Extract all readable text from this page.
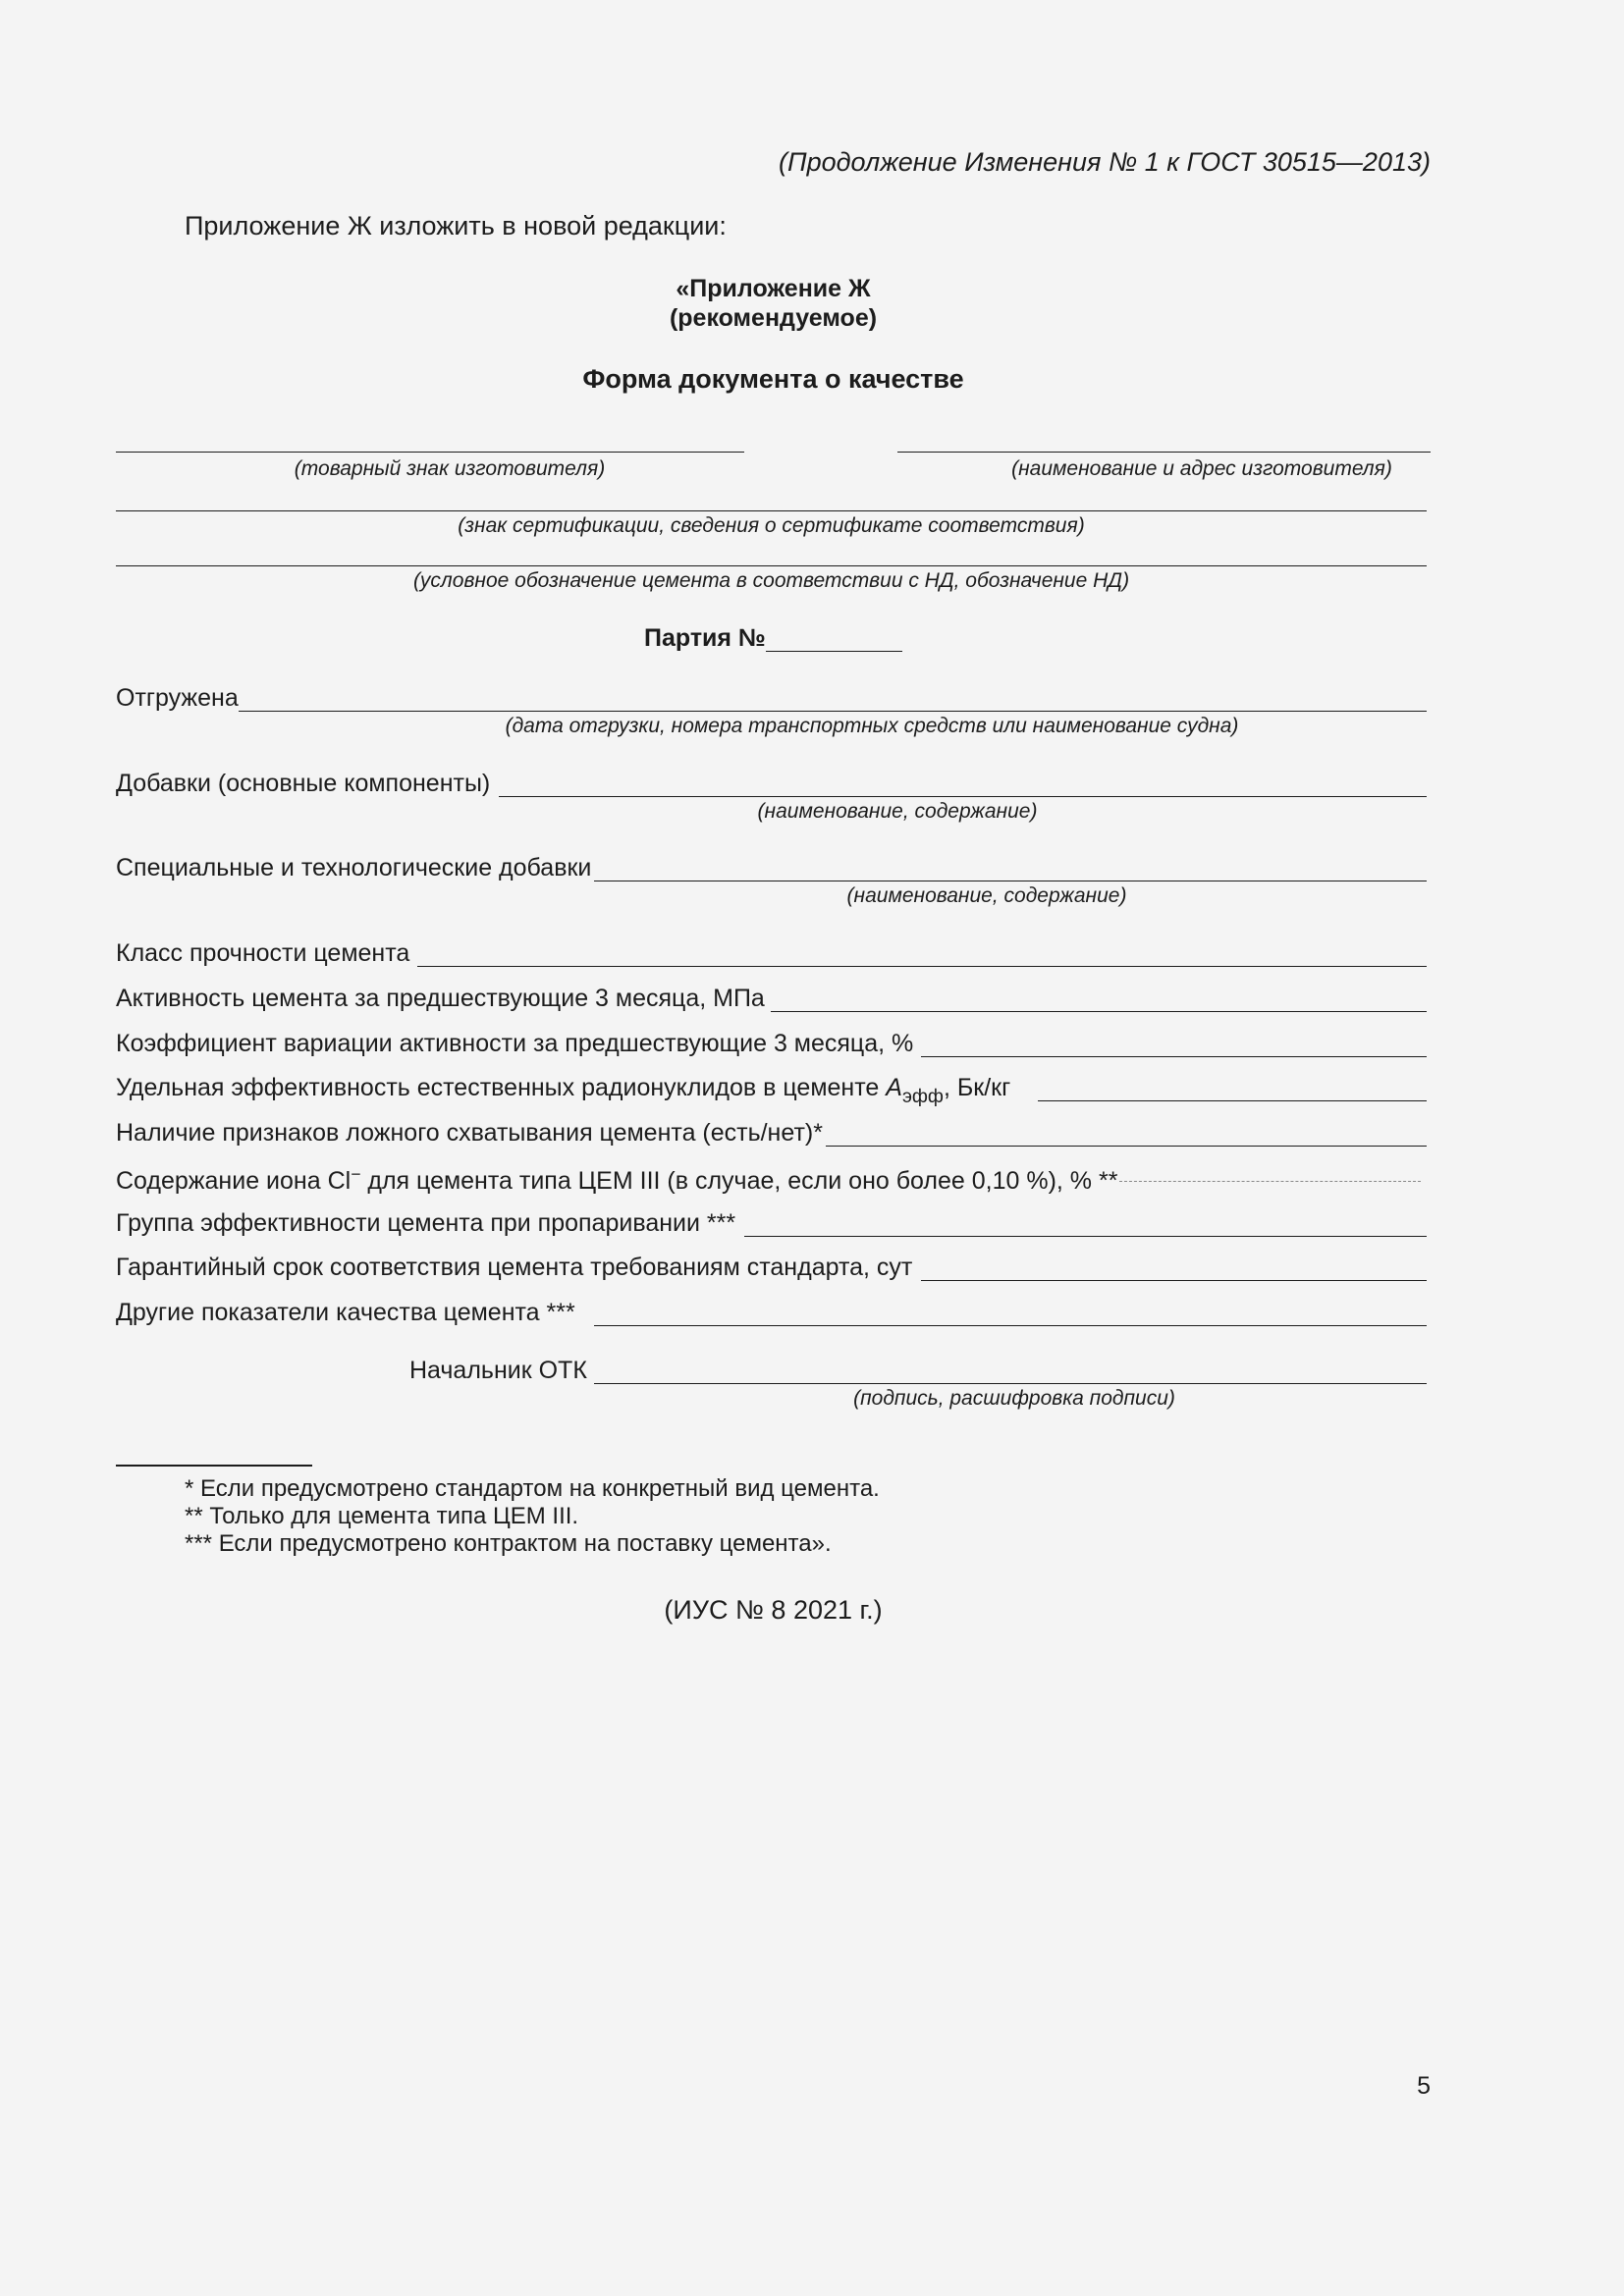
(Продолжение Изменения № 1 к ГОСТ 30515—2013)
Приложение Ж изложить в новой редакции:
«Приложение Ж
(рекомендуемое)
Форма документа о качестве
(товарный знак изготовителя)	(наименование и адрес изготовителя)
(знак сертификации, сведения о сертификате соответствия)
(условное обозначение цемента в соответствии с НД, обозначение НД)
Партия №
Отгружена
(дата отгрузки, номера транспортных средств или наименование судна)
Добавки (основные компоненты)
(наименование, содержание)
Специальные и технологические добавки
(наименование, содержание)
Класс прочности цемента
Активность цемента за предшествующие 3 месяца, МПа
Коэффициент вариации активности за предшествующие 3 месяца, %
Удельная эффективность естественных радионуклидов в цементе $A_{эфф}$, Бк/кг
Наличие признаков ложного схватывания цемента (есть/нет)*
Содержание иона Cl− для цемента типа ЦЕМ III (в случае, если оно более 0,10 %), % **
Группа эффективности цемента при пропаривании ***
Гарантийный срок соответствия цемента требованиям стандарта, сут
Другие показатели качества цемента ***
Начальник ОТК
(подпись, расшифровка подписи)
* Если предусмотрено стандартом на конкретный вид цемента.
** Только для цемента типа ЦЕМ III.
*** Если предусмотрено контрактом на поставку цемента».
(ИУС № 8 2021 г.)
5
